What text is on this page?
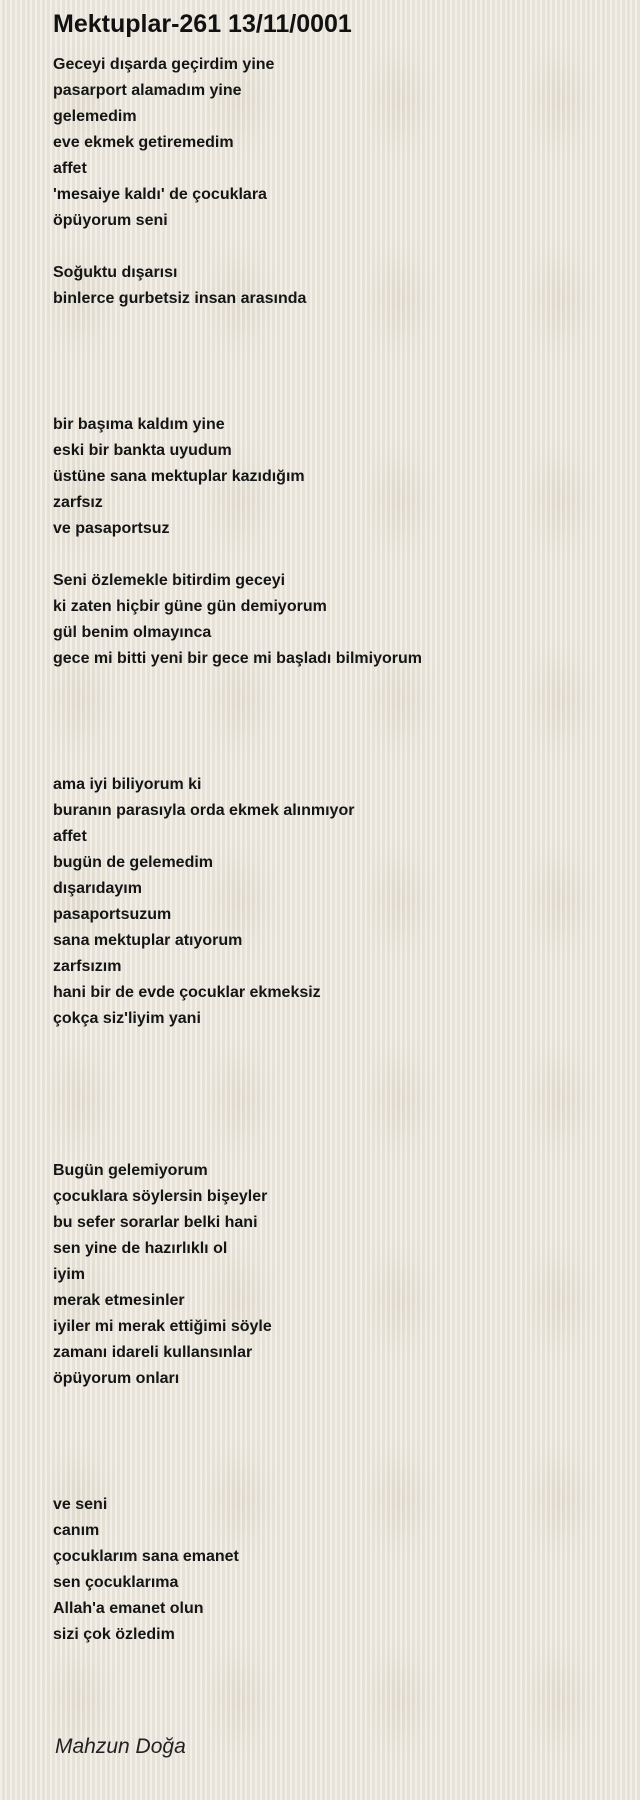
Mektuplar-261 13/11/0001
Geceyi dışarda geçirdim yine
pasarport alamadım yine
gelemedim
eve ekmek getiremedim
affet
'mesaiye kaldı' de çocuklara
öpüyorum seni
Soğuktu dışarısı
binlerce gurbetsiz insan arasında
bir başıma kaldım yine
eski bir bankta uyudum
üstüne sana mektuplar kazıdığım
zarfsız
ve pasaportsuz
Seni özlemekle bitirdim geceyi
ki zaten hiçbir güne gün demiyorum
gül benim olmayınca
gece mi bitti yeni bir gece mi başladı bilmiyorum
ama iyi biliyorum ki
buranın parasıyla orda ekmek alınmıyor
affet
bugün de gelemedim
dışarıdayım
pasaportsuzum
sana mektuplar atıyorum
zarfsızım
hani bir de evde çocuklar ekmeksiz
çokça siz'liyim yani
Bugün gelemiyorum
çocuklara söylersin bişeyler
bu sefer sorarlar belki hani
sen yine de hazırlıklı ol
iyim
merak etmesinler
iyiler mi merak ettiğimi söyle
zamanı idareli kullansınlar
öpüyorum onları
ve seni
canım
çocuklarım sana emanet
sen çocuklarıma
Allah'a emanet olun
sizi çok özledim

Mahzun Doğa
